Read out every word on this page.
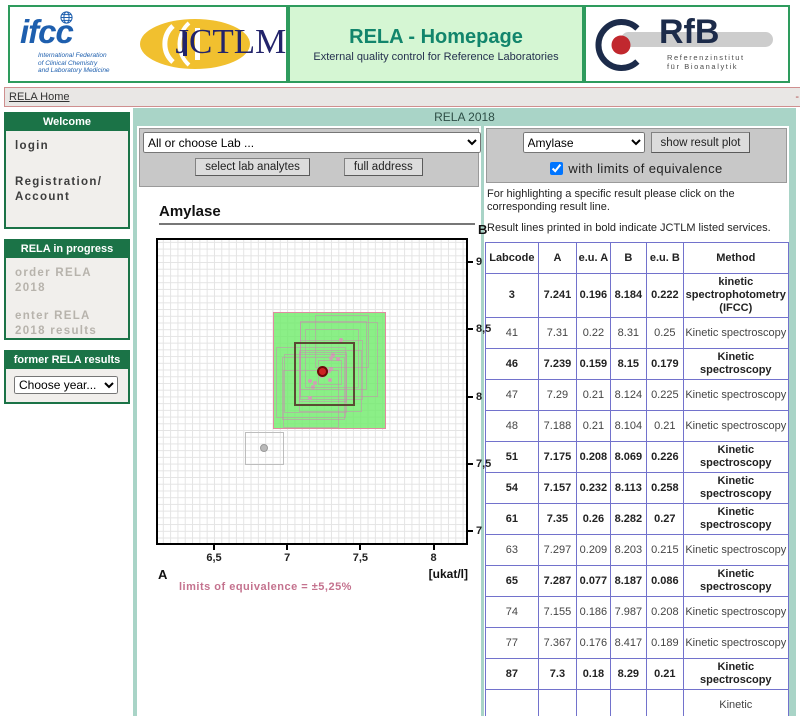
ifcc
International Federation
of Clinical Chemistry
and Laboratory Medicine
JCTLM	RELA - Homepage
External quality control for Reference Laboratories
RfB
Referenzinstitut
für Bioanalytik
RELA Home	-
Welcome
login
Registration/ Account
RELA in progress
order RELA 2018
enter RELA 2018 results
former RELA results
Choose year...
RELA 2018
All or choose Lab ...
select lab analytes	full address
Amylase
6,5	7	7,5	8
9
8,5
8
7,5
7
B
A	[ukat/l]
limits of equivalence = ±5,25%
Amylase
show result plot
with limits of equivalence
For highlighting a specific result please click on the
corresponding result line.
Result lines printed in bold indicate JCTLM listed services.
Labcode	A	e.u. A	B	e.u. B	Method
3	7.241	0.196	8.184	0.222	kinetic spectrophotometry (IFCC)
41	7.31	0.22	8.31	0.25	Kinetic spectroscopy
46	7.239	0.159	8.15	0.179	Kinetic spectroscopy
47	7.29	0.21	8.124	0.225	Kinetic spectroscopy
48	7.188	0.21	8.104	0.21	Kinetic spectroscopy
51	7.175	0.208	8.069	0.226	Kinetic spectroscopy
54	7.157	0.232	8.113	0.258	Kinetic spectroscopy
61	7.35	0.26	8.282	0.27	Kinetic spectroscopy
63	7.297	0.209	8.203	0.215	Kinetic spectroscopy
65	7.287	0.077	8.187	0.086	Kinetic spectroscopy
74	7.155	0.186	7.987	0.208	Kinetic spectroscopy
77	7.367	0.176	8.417	0.189	Kinetic spectroscopy
87	7.3	0.18	8.29	0.21	Kinetic spectroscopy
					Kinetic
